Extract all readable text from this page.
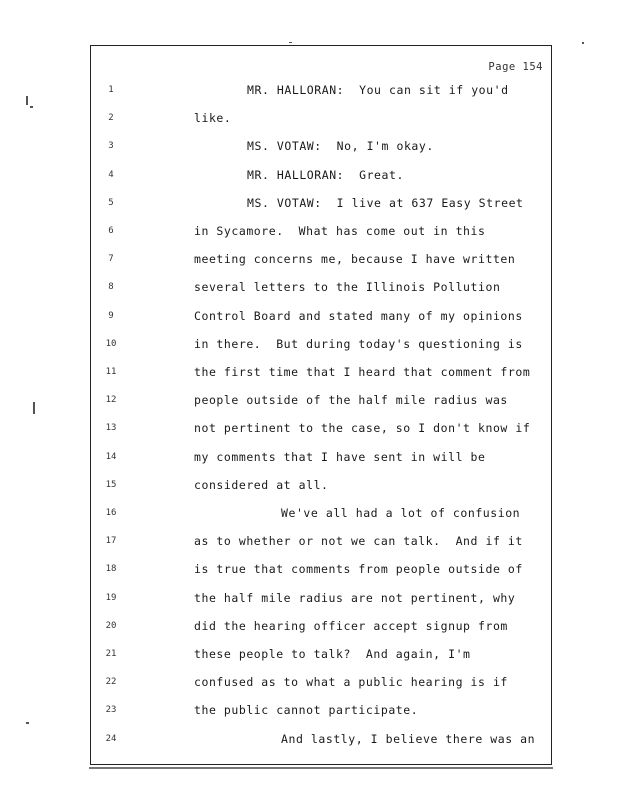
Page 154
1	MR. HALLORAN:  You can sit if you'd
2	like.
3	MS. VOTAW:  No, I'm okay.
4	MR. HALLORAN:  Great.
5	MS. VOTAW:  I live at 637 Easy Street
6	in Sycamore.  What has come out in this
7	meeting concerns me, because I have written
8	several letters to the Illinois Pollution
9	Control Board and stated many of my opinions
10	in there.  But during today's questioning is
11	the first time that I heard that comment from
12	people outside of the half mile radius was
13	not pertinent to the case, so I don't know if
14	my comments that I have sent in will be
15	considered at all.
16	We've all had a lot of confusion
17	as to whether or not we can talk.  And if it
18	is true that comments from people outside of
19	the half mile radius are not pertinent, why
20	did the hearing officer accept signup from
21	these people to talk?  And again, I'm
22	confused as to what a public hearing is if
23	the public cannot participate.
24	And lastly, I believe there was an
